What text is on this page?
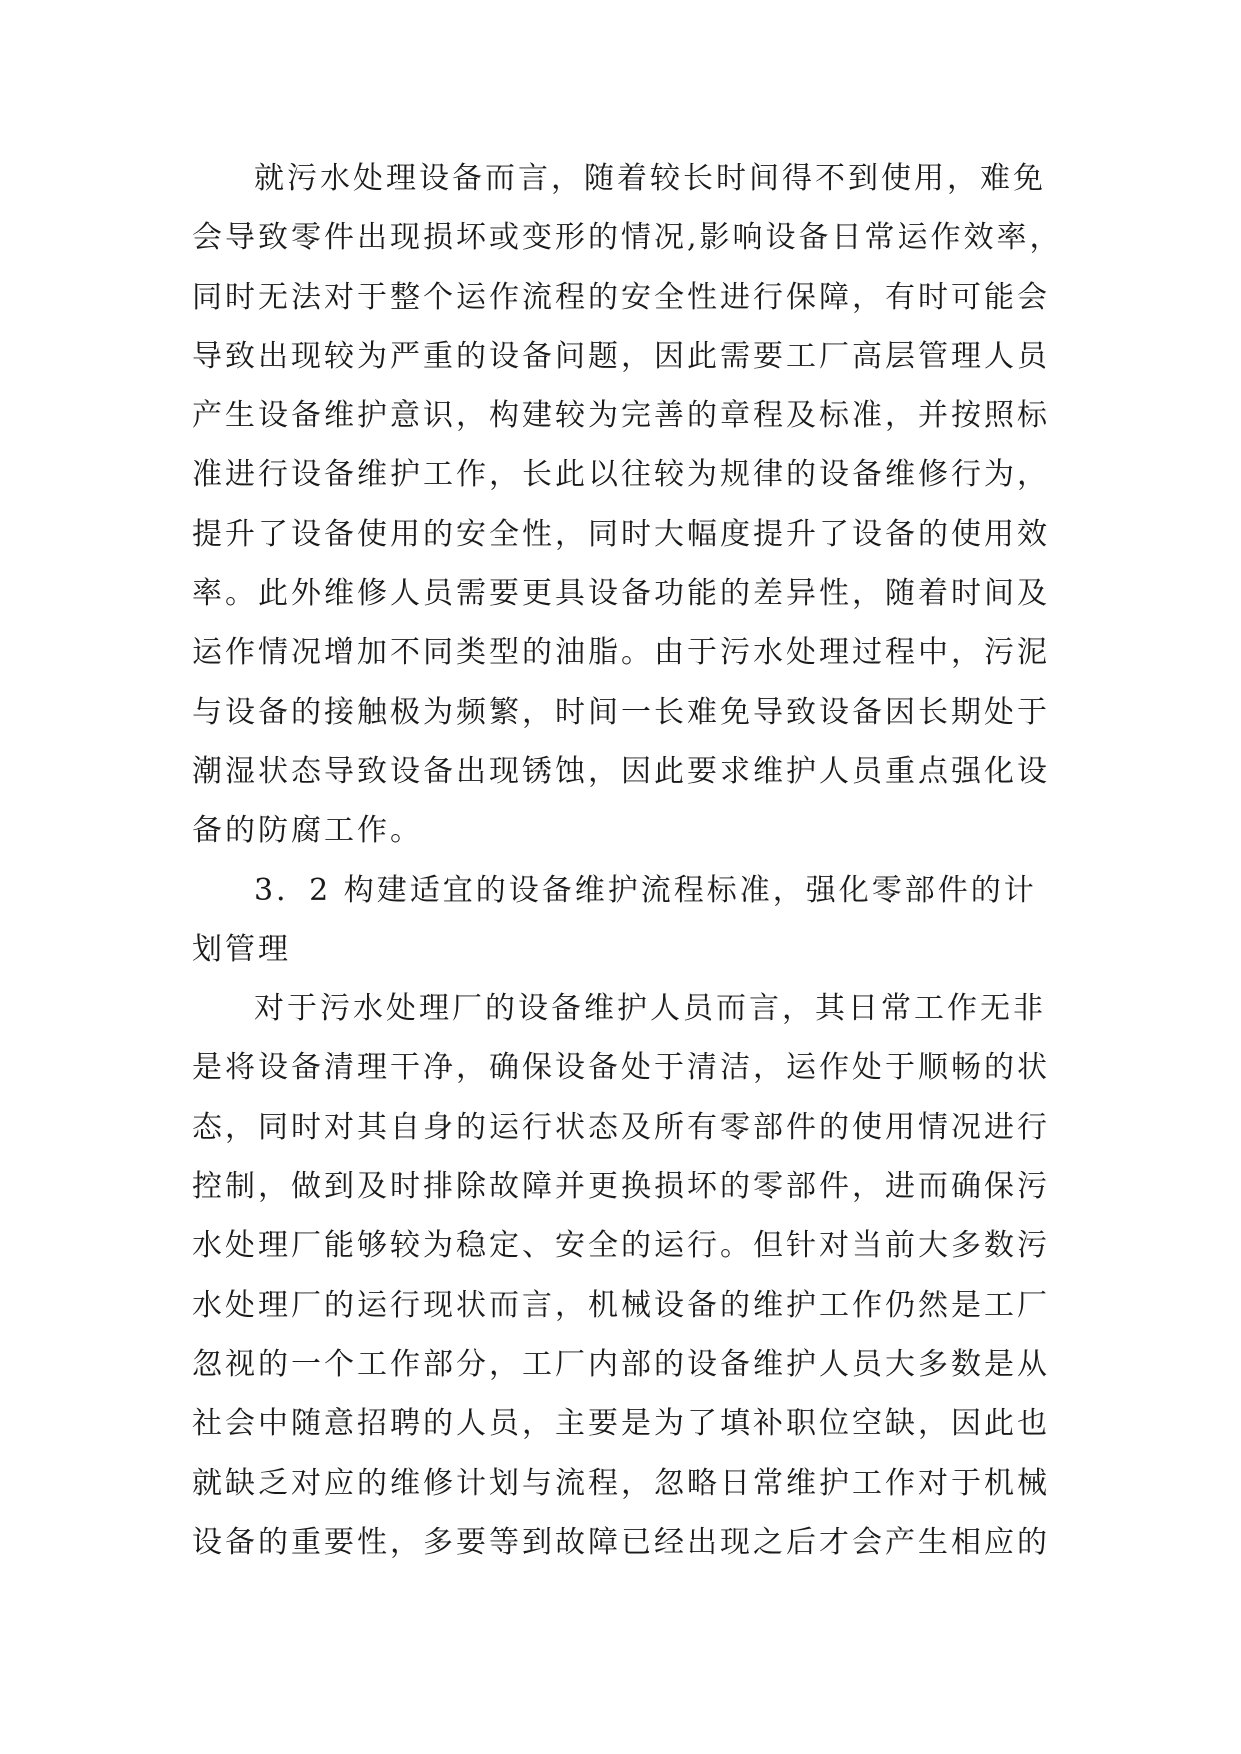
就污水处理设备而言，随着较长时间得不到使用，难免
会导致零件出现损坏或变形的情况,影响设备日常运作效率，
同时无法对于整个运作流程的安全性进行保障，有时可能会
导致出现较为严重的设备问题，因此需要工厂高层管理人员
产生设备维护意识，构建较为完善的章程及标准，并按照标
准进行设备维护工作，长此以往较为规律的设备维修行为，
提升了设备使用的安全性，同时大幅度提升了设备的使用效
率。此外维修人员需要更具设备功能的差异性，随着时间及
运作情况增加不同类型的油脂。由于污水处理过程中，污泥
与设备的接触极为频繁，时间一长难免导致设备因长期处于
潮湿状态导致设备出现锈蚀，因此要求维护人员重点强化设
备的防腐工作。
3．2 构建适宜的设备维护流程标准，强化零部件的计
划管理
对于污水处理厂的设备维护人员而言，其日常工作无非
是将设备清理干净，确保设备处于清洁，运作处于顺畅的状
态，同时对其自身的运行状态及所有零部件的使用情况进行
控制，做到及时排除故障并更换损坏的零部件，进而确保污
水处理厂能够较为稳定、安全的运行。但针对当前大多数污
水处理厂的运行现状而言，机械设备的维护工作仍然是工厂
忽视的一个工作部分，工厂内部的设备维护人员大多数是从
社会中随意招聘的人员，主要是为了填补职位空缺，因此也
就缺乏对应的维修计划与流程，忽略日常维护工作对于机械
设备的重要性，多要等到故障已经出现之后才会产生相应的
